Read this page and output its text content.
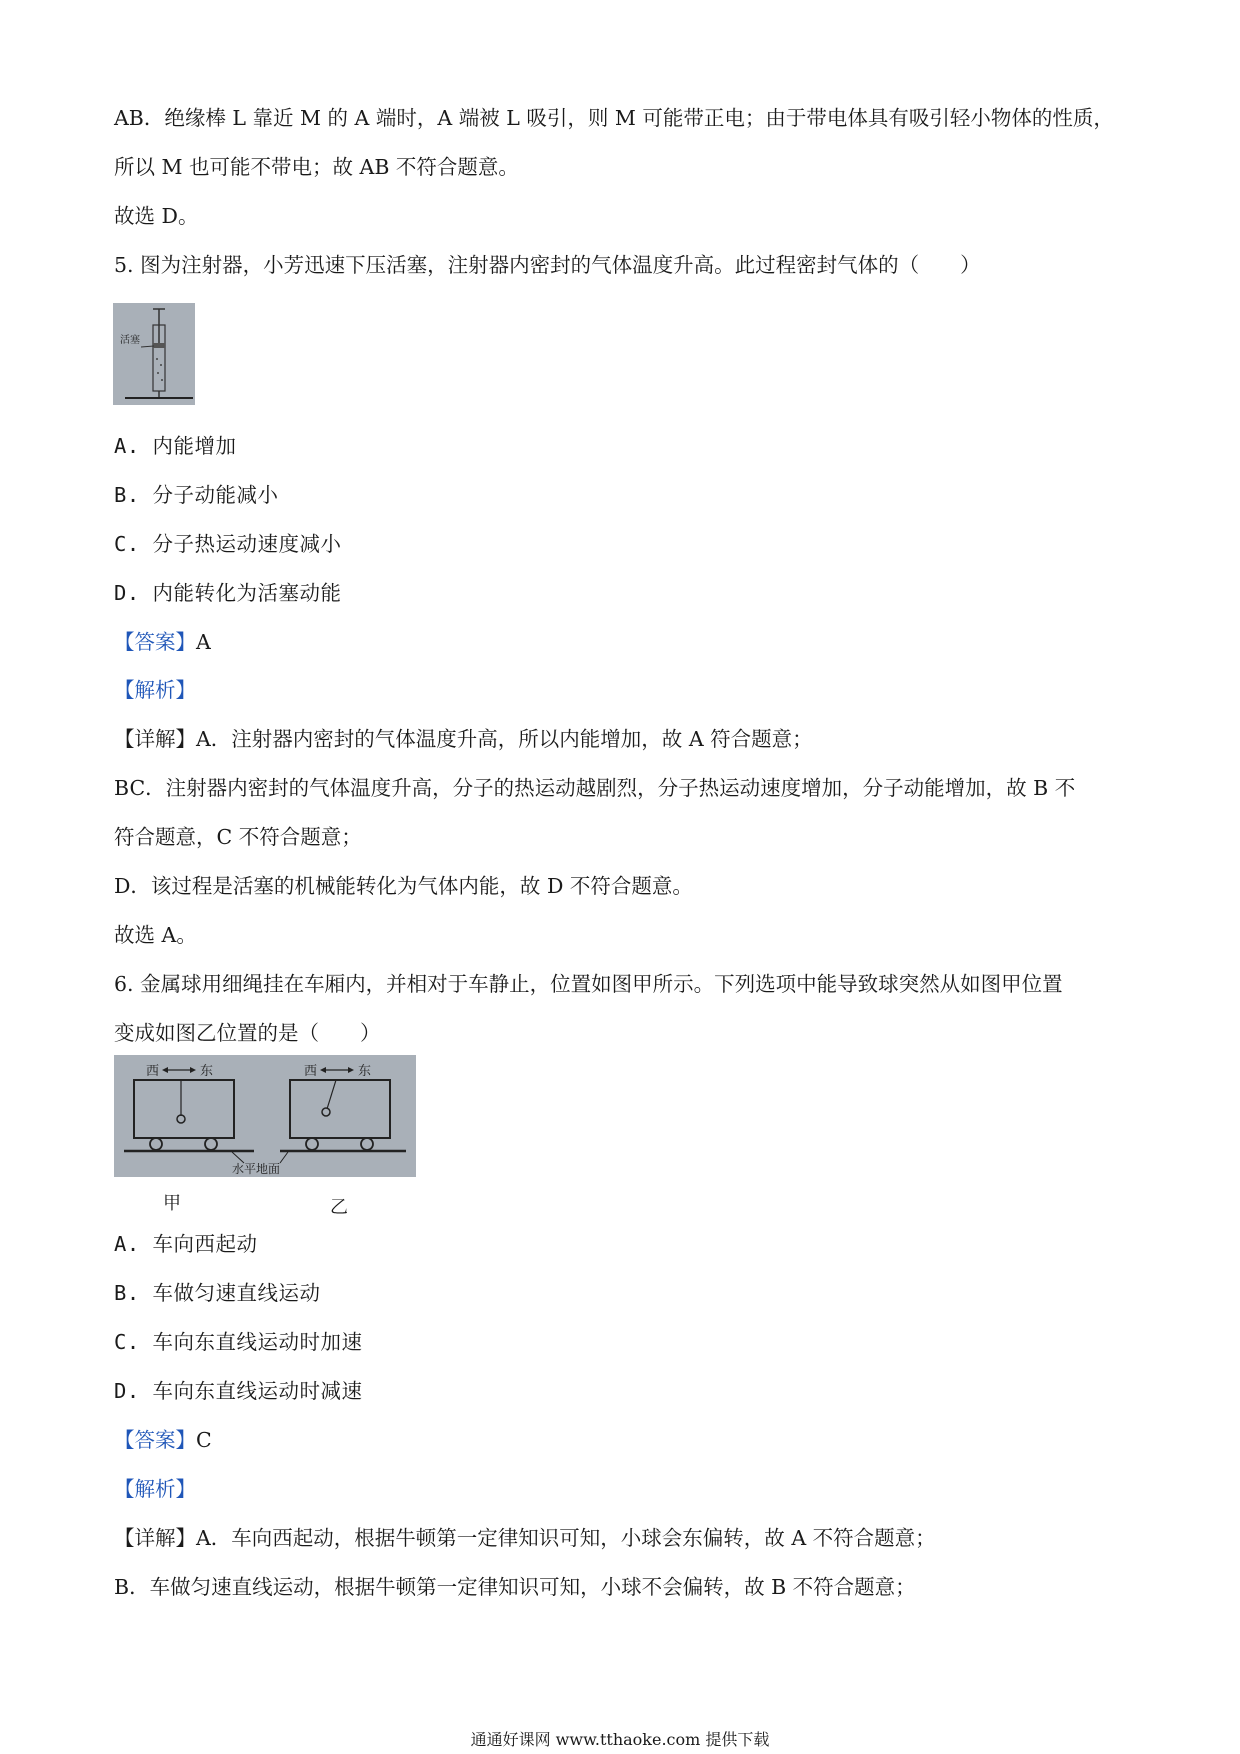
AB．绝缘棒 L 靠近 M 的 A 端时，A 端被 L 吸引，则 M 可能带正电；由于带电体具有吸引轻小物体的性质，
所以 M 也可能不带电；故 AB 不符合题意。
故选 D。
5. 图为注射器，小芳迅速下压活塞，注射器内密封的气体温度升高。此过程密封气体的（　　）
活塞
A. 内能增加
B. 分子动能减小
C. 分子热运动速度减小
D. 内能转化为活塞动能
【答案】A
【解析】
【详解】A．注射器内密封的气体温度升高，所以内能增加，故 A 符合题意；
BC．注射器内密封的气体温度升高，分子的热运动越剧烈，分子热运动速度增加，分子动能增加，故 B 不
符合题意，C 不符合题意；
D．该过程是活塞的机械能转化为气体内能，故 D 不符合题意。
故选 A。
6. 金属球用细绳挂在车厢内，并相对于车静止，位置如图甲所示。下列选项中能导致球突然从如图甲位置
变成如图乙位置的是（　　）
西	东	西	东
水平地面
甲	乙
A. 车向西起动
B. 车做匀速直线运动
C. 车向东直线运动时加速
D. 车向东直线运动时减速
【答案】C
【解析】
【详解】A．车向西起动，根据牛顿第一定律知识可知，小球会东偏转，故 A 不符合题意；
B．车做匀速直线运动，根据牛顿第一定律知识可知，小球不会偏转，故 B 不符合题意；
通通好课网 www.tthaoke.com 提供下载
